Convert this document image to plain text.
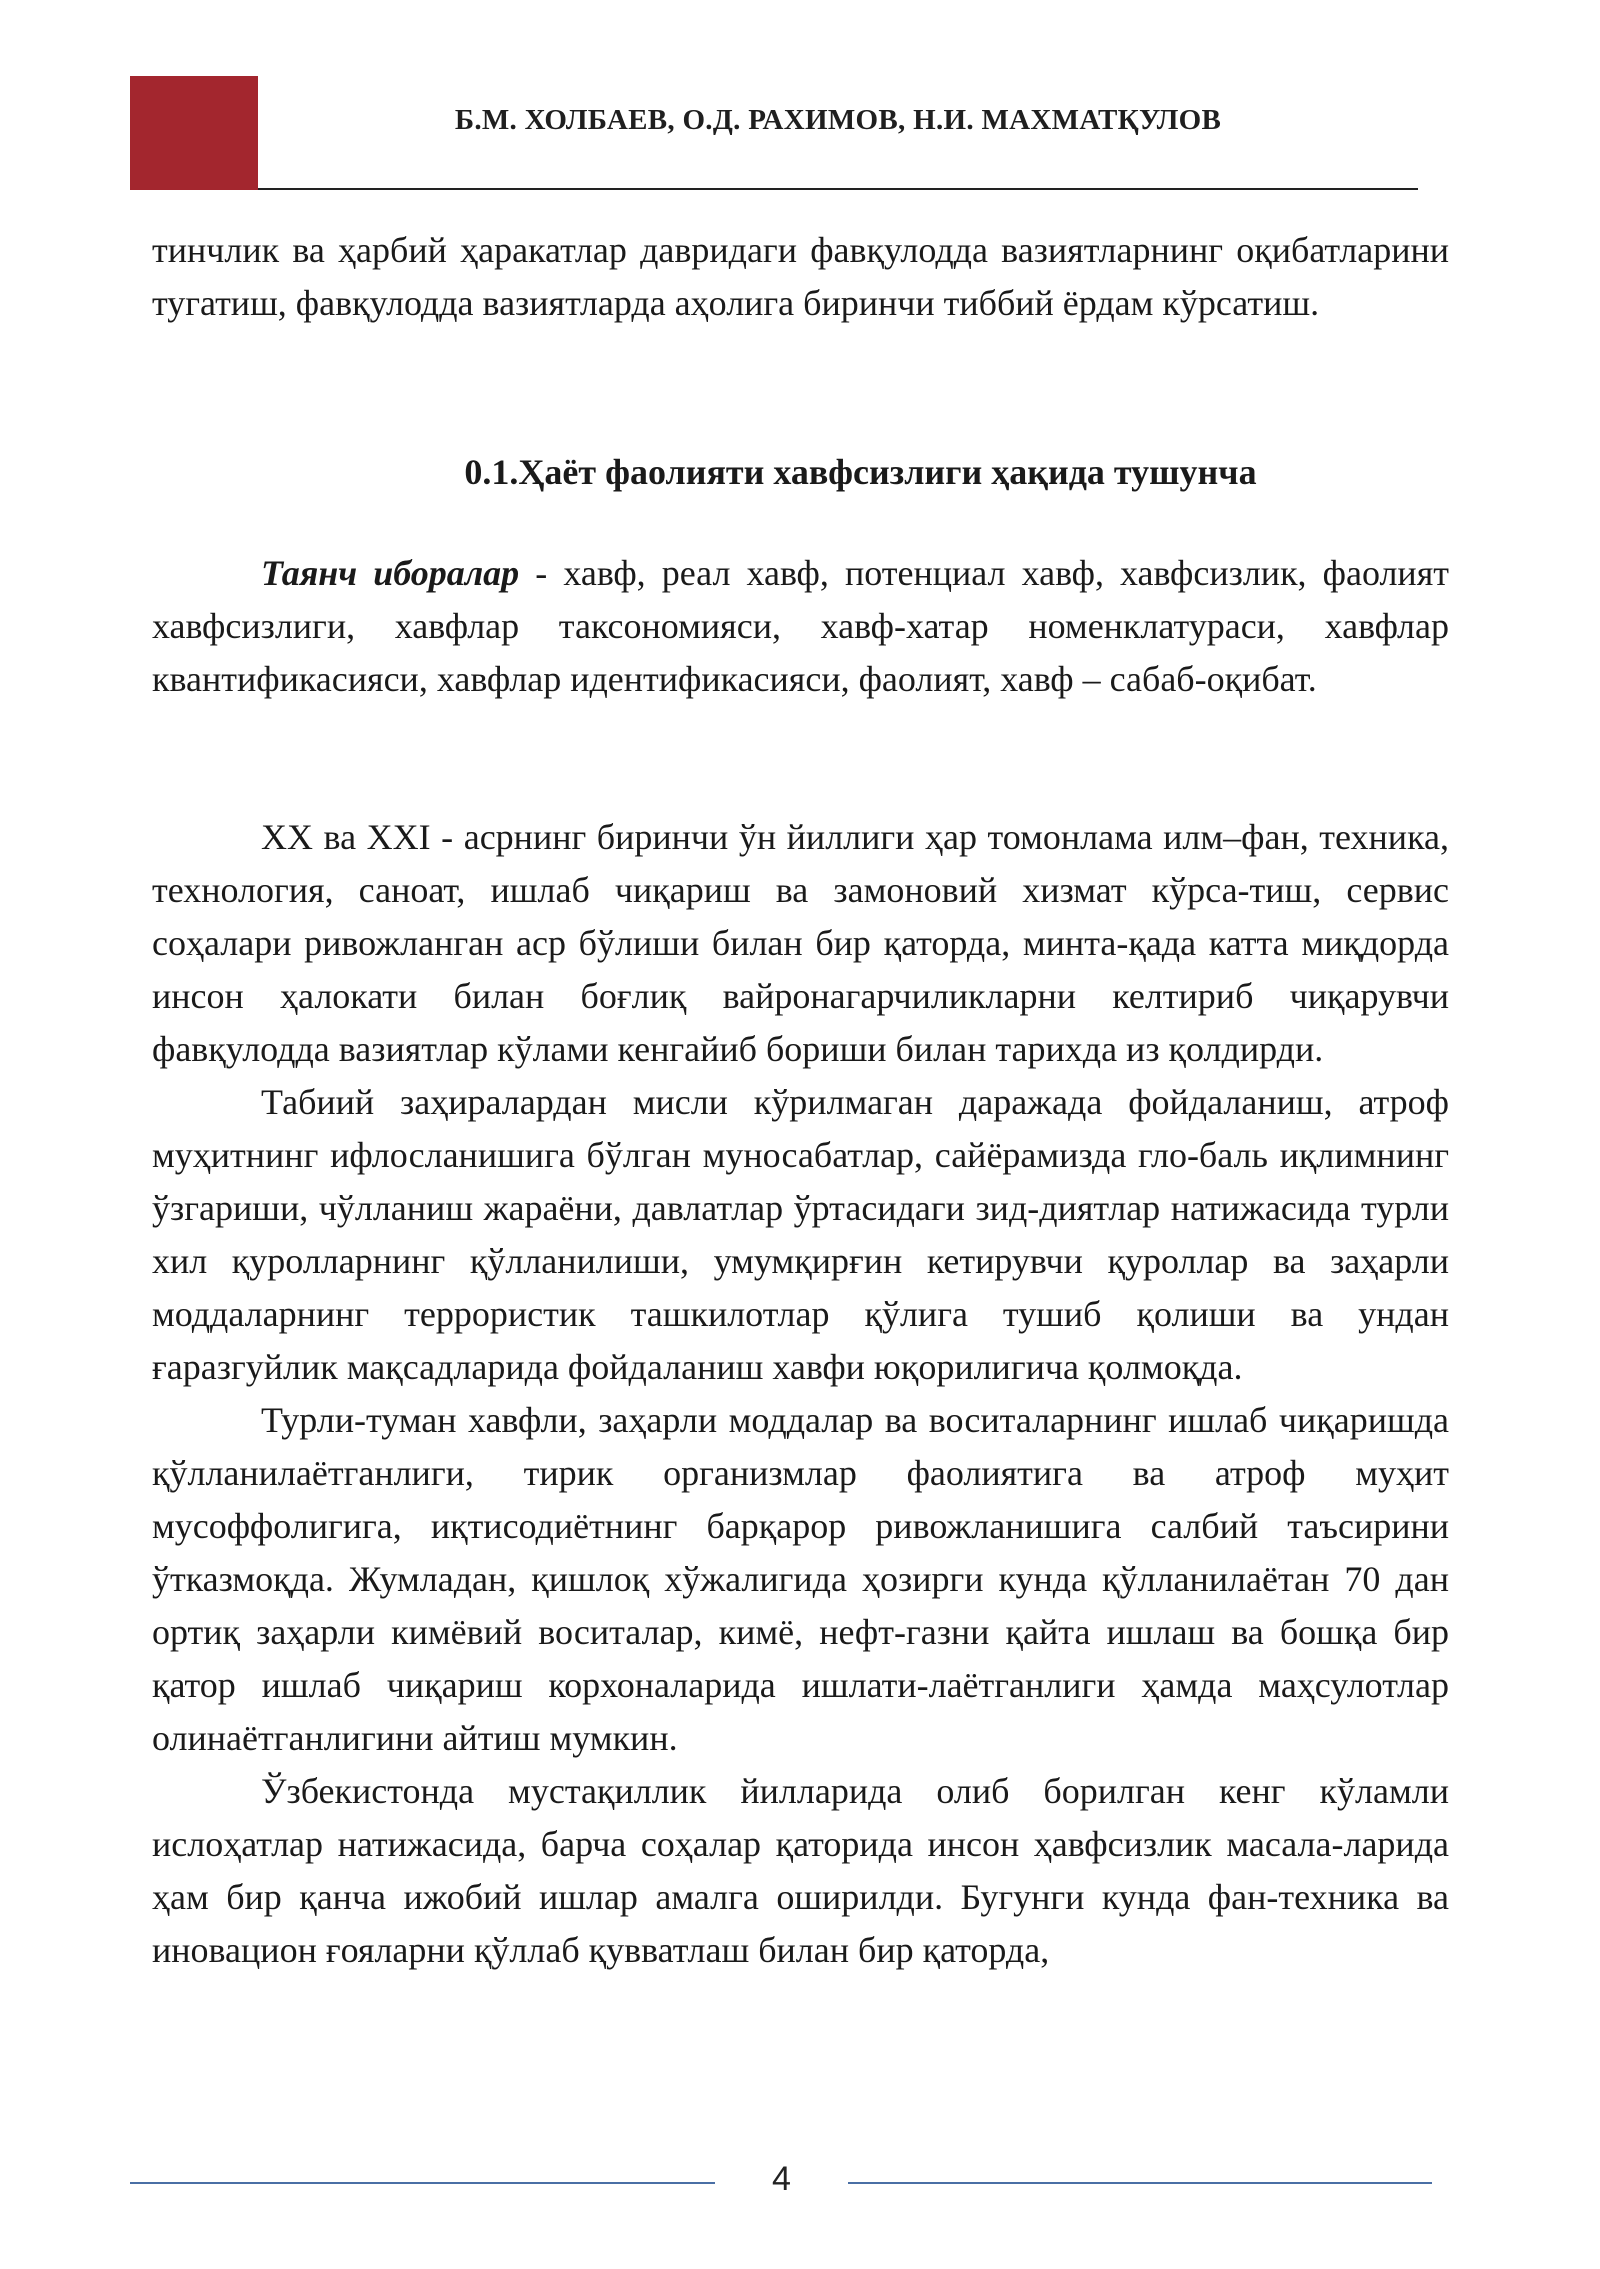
Б.М. ХОЛБАЕВ, О.Д. РАХИМОВ, Н.И. МАХМАТҚУЛОВ

тинчлик ва ҳарбий ҳаракатлар давридаги фавқулодда вазиятларнинг оқибатларини тугатиш, фавқулодда вазиятларда аҳолига биринчи тиббий ёрдам кўрсатиш.

0.1.Ҳаёт фаолияти хавфсизлиги ҳақида тушунча

Таянч иборалар - хавф, реал хавф, потенциал хавф, хавфсизлик, фаолият хавфсизлиги, хавфлар таксономияси, хавф-хатар номенклатураси, хавфлар квантификасияси, хавфлар идентификасияси, фаолият, хавф – сабаб-оқибат.

XX ва XXI - асрнинг биринчи ўн йиллиги ҳар томонлама илм–фан, техника, технология, саноат, ишлаб чиқариш ва замоновий хизмат кўрса-тиш, сервис соҳалари ривожланган аср бўлиши билан бир қаторда, минта-қада катта миқдорда инсон ҳалокати билан боғлиқ вайронагарчиликларни келтириб чиқарувчи фавқулодда вазиятлар кўлами кенгайиб бориши билан тарихда из қолдирди.

Табиий заҳиралардан мисли кўрилмаган даражада фойдаланиш, атроф муҳитнинг ифлосланишига бўлган муносабатлар, сайёрамизда гло-баль иқлимнинг ўзгариши, чўлланиш жараёни, давлатлар ўртасидаги зид-диятлар натижасида турли хил қуролларнинг қўлланилиши, умумқирғин кетирувчи қуроллар ва заҳарли моддаларнинг террористик ташкилотлар қўлига тушиб қолиши ва ундан ғаразгуйлик мақсадларида фойдаланиш хавфи юқорилигича қолмоқда.

Турли-туман хавфли, заҳарли моддалар ва воситаларнинг ишлаб чиқаришда қўлланилаётганлиги, тирик организмлар фаолиятига ва атроф муҳит мусоффолигига, иқтисодиётнинг барқарор ривожланишига салбий таъсирини ўтказмоқда. Жумладан, қишлоқ хўжалигида ҳозирги кунда қўлланилаётан 70 дан ортиқ заҳарли кимёвий воситалар, кимё, нефт-газни қайта ишлаш ва бошқа бир қатор ишлаб чиқариш корхоналарида ишлати-лаётганлиги ҳамда маҳсулотлар олинаётганлигини айтиш мумкин.

Ўзбекистонда мустақиллик йилларида олиб борилган кенг кўламли ислоҳатлар натижасида, барча соҳалар қаторида инсон ҳавфсизлик масала-ларида ҳам бир қанча ижобий ишлар амалга оширилди. Бугунги кунда фан-техника ва иновацион ғояларни қўллаб қувватлаш билан бир қаторда,

4
